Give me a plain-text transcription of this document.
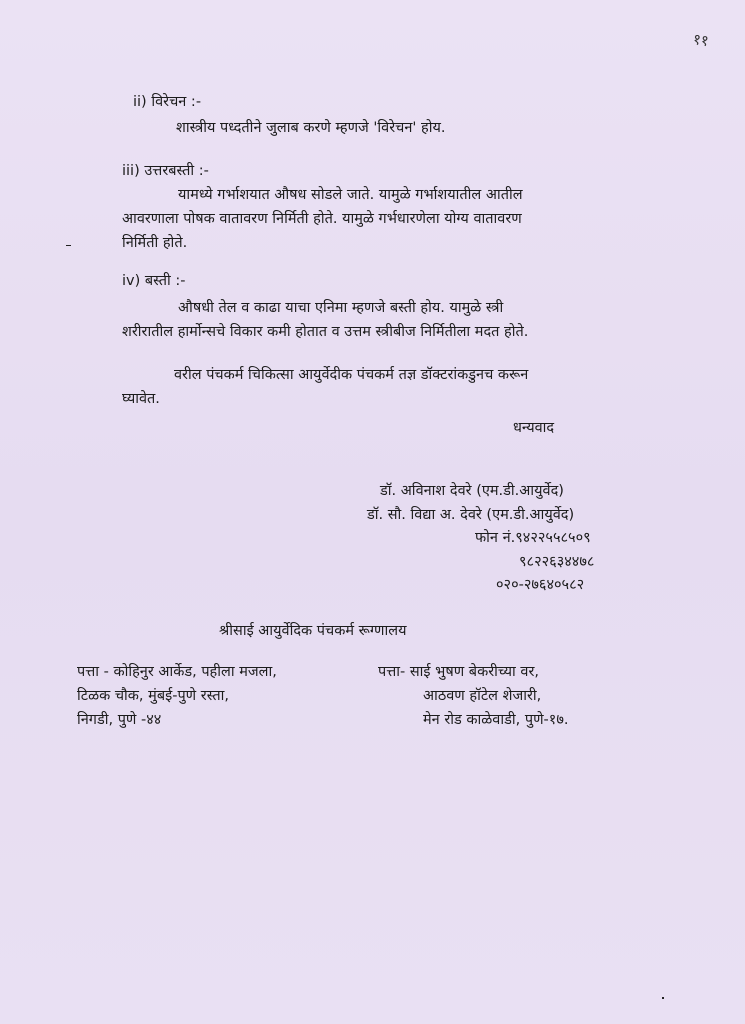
११
ii) विरेचन :-
शास्त्रीय पध्दतीने जुलाब करणे म्हणजे 'विरेचन' होय.
iii) उत्तरबस्ती :-
यामध्ये गर्भाशयात औषध सोडले जाते. यामुळे गर्भाशयातील आतील
आवरणाला पोषक वातावरण निर्मिती होते. यामुळे गर्भधारणेला योग्य वातावरण
निर्मिती होते.
iv) बस्ती :-
औषधी तेल व काढा याचा एनिमा म्हणजे बस्ती होय. यामुळे स्त्री
शरीरातील हार्मोन्सचे विकार कमी होतात व उत्तम स्त्रीबीज निर्मितीला मदत होते.
वरील पंचकर्म चिकित्सा आयुर्वेदीक पंचकर्म तज्ञ डॉक्टरांकडुनच करून
घ्यावेत.
धन्यवाद
डॉ. अविनाश देवरे (एम.डी.आयुर्वेद)
डॉ. सौ. विद्या अ. देवरे (एम.डी.आयुर्वेद)
फोन नं.९४२२५५८५०९
९८२२६३४४७८
०२०-२७६४०५८२
श्रीसाई आयुर्वेदिक पंचकर्म रूग्णालय
पत्ता - कोहिनुर आर्केड, पहीला मजला,
टिळक चौक, मुंबई-पुणे रस्ता,
निगडी, पुणे -४४
पत्ता- साई भुषण बेकरीच्या वर,
आठवण हॉटेल शेजारी,
मेन रोड काळेवाडी, पुणे-१७.
